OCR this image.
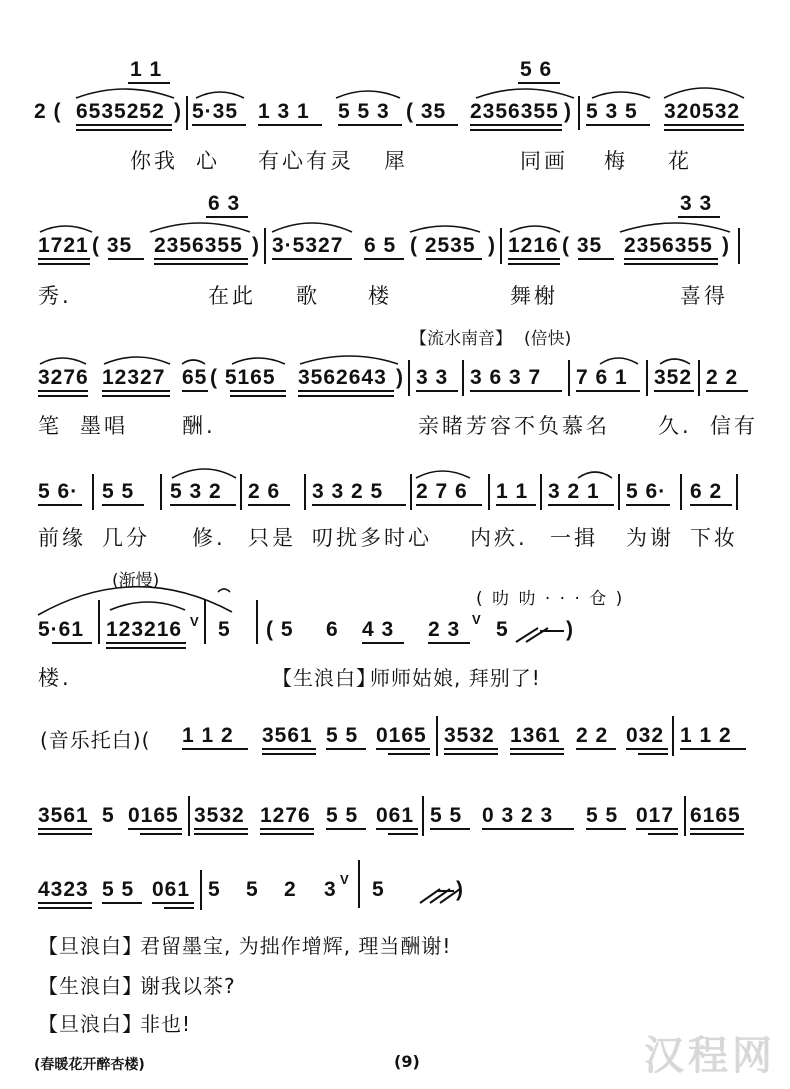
1 1	5 6
2 ( 6535252 ) 5·35 1 3 1 5 5 3 ( 35 2356355 ) 5 3 5 320532
你我 心 有心有灵 犀	同画 梅 花
6 3	3 3
1721 ( 35 2356355 ) 3·5327 6 5 ( 2535 ) 1216 ( 35 2356355 )
秀.	在此 歌 楼	舞榭	喜得
【流水南音】 (倍快)
3276 12327 65 ( 5165 3562643 ) 3 3 3 6 3 7 7 6 1 352 2 2
笔 墨唱	酬.	亲睹芳容不负慕名 久. 信有
5 6· 5 5 5 3 2 2 6 3 3 2 5 2 7 6 1 1 3 2 1 5 6· 6 2
前缘 几分 修. 只是 叨扰多时心 内疚. 一揖 为谢 下妆
(渐慢)
( 叻 叻 · · · 仓 )
5·61 123216 V 5 ( 5 6 4 3 2 3 V 5	)
楼.	【生浪白】
师师姑娘, 拜别了!
(音乐托白)( 1 1 2 3561 5 5 0165 3532 1361 2 2 032 1 1 2
3561 5 0165 3532 1276 5 5 061 5 5 0 3 2 3 5 5 017 6165
4323 5 5 061 5 5 2 3 V 5	)
【旦浪白】
君留墨宝, 为拙作增辉, 理当酬谢!
【生浪白】
谢我以茶?
【旦浪白】
非也!
(春暖花开醉杏楼)	(9)	汉程网
